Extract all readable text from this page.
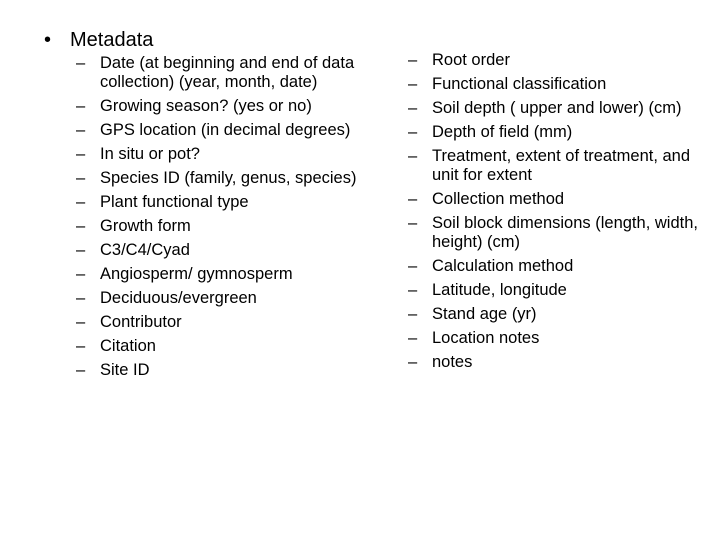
• Metadata
– Date (at beginning and end of data collection) (year, month, date)
– Growing season? (yes or no)
– GPS location (in decimal degrees)
– In situ or pot?
– Species ID (family, genus, species)
– Plant functional type
– Growth form
– C3/C4/Cyad
– Angiosperm/ gymnosperm
– Deciduous/evergreen
– Contributor
– Citation
– Site ID
– Root order
– Functional classification
– Soil depth ( upper and lower) (cm)
– Depth of field (mm)
– Treatment, extent of treatment, and unit for extent
– Collection method
– Soil block dimensions (length, width, height) (cm)
– Calculation method
– Latitude, longitude
– Stand age (yr)
– Location notes
– notes
